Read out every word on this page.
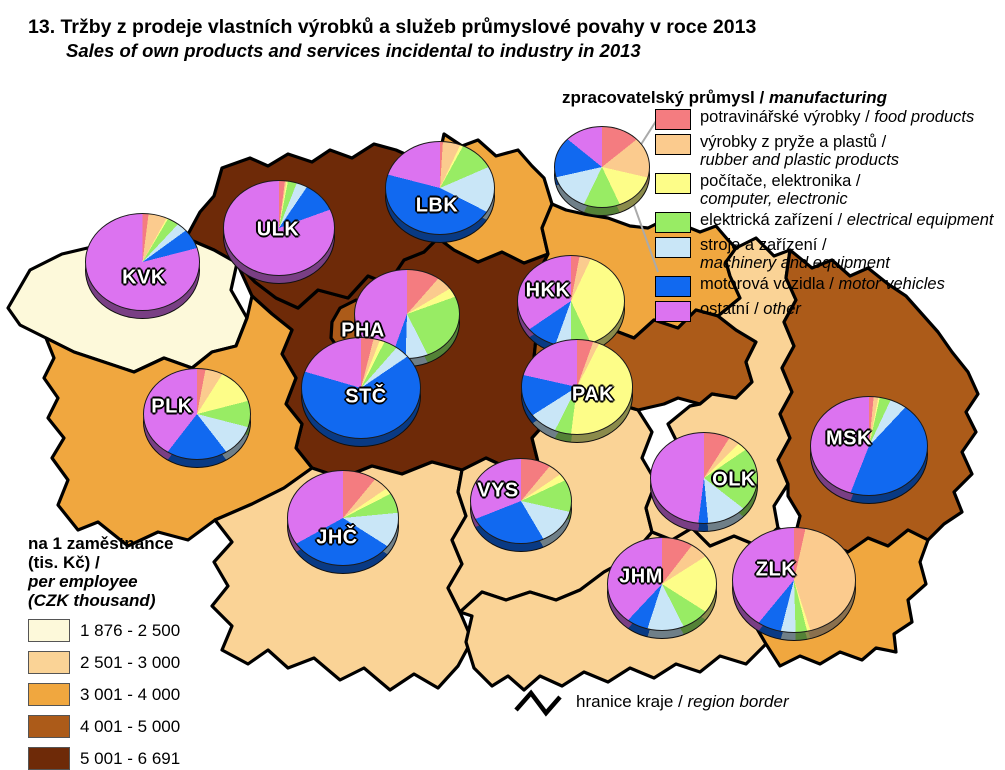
13. Tržby z prodeje vlastních výrobků a služeb průmyslové povahy v roce 2013
Sales of own products and services incidental to industry in 2013
zpracovatelský průmysl / manufacturing
potravinářské výrobky / food products
výrobky z pryže a plastů /
rubber and plastic products
počítače, elektronika /
computer, electronic
elektrická zařízení / electrical equipment
stroje a zařízení /
machinery and equipment
motorová vozidla / motor vehicles
ostatní / other
na 1 zaměstnance
(tis. Kč) /
per employee
(CZK thousand)
1 876 - 2 500
2 501 - 3 000
3 001 - 4 000
4 001 - 5 000
5 001 - 6 691
hranice kraje / region border
KVK
ULK
LBK
HKK
PAK
PLK
PHA
STČ
JHČ
VYS
JHM
OLK
ZLK
MSK
